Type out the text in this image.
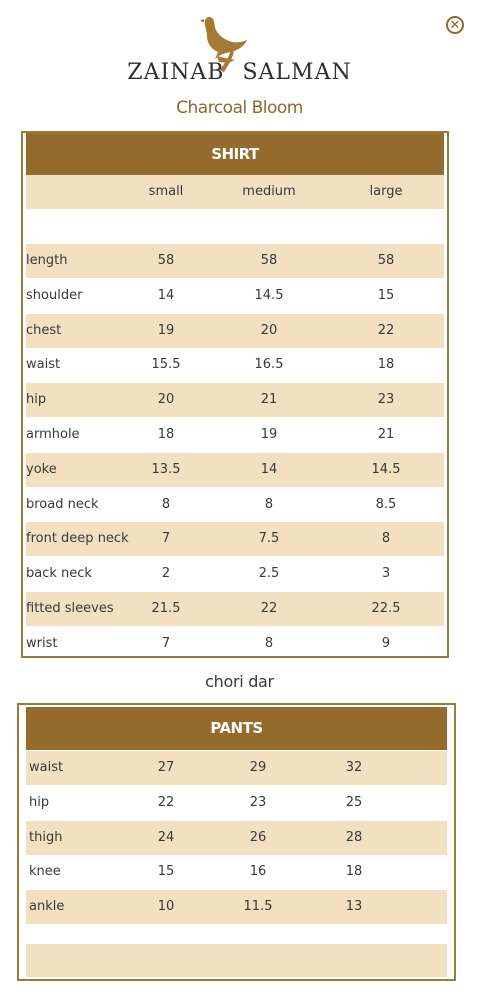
✕
ZAINAB SALMAN
Charcoal Bloom
SHIRT
small	medium	large
length	58	58	58
shoulder	14	14.5	15
chest	19	20	22
waist	15.5	16.5	18
hip	20	21	23
armhole	18	19	21
yoke	13.5	14	14.5
broad neck	8	8	8.5
front deep neck	7	7.5	8
back neck	2	2.5	3
fitted sleeves	21.5	22	22.5
wrist	7	8	9
chori dar
PANTS
waist	27	29	32
hip	22	23	25
thigh	24	26	28
knee	15	16	18
ankle	10	11.5	13
